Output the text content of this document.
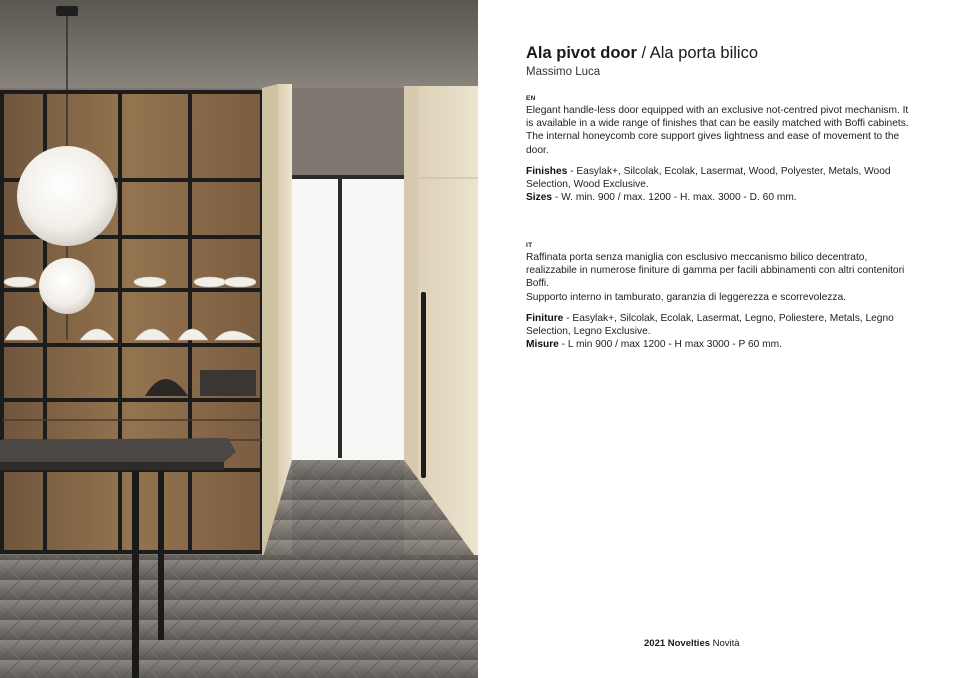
Ala pivot door / Ala porta bilico
Massimo Luca
EN

Elegant handle-less door equipped with an exclusive not-centred pivot mechanism. It is available in a wide range of finishes that can be easily matched with Boffi cabinets.

The internal honeycomb core support gives lightness and ease of movement to the door.

Finishes - Easylak+, Silcolak, Ecolak, Lasermat, Wood, Polyester, Metals, Wood Selection, Wood Exclusive.

Sizes - W. min. 900 / max. 1200 - H. max. 3000 - D. 60 mm.

IT

Raffinata porta senza maniglia con esclusivo meccanismo bilico decentrato, realizzabile in numerose finiture di gamma per facili abbinamenti con altri contenitori Boffi.

Supporto interno in tamburato, garanzia di leggerezza e scorrevolezza.

Finiture - Easylak+, Silcolak, Ecolak, Lasermat, Legno, Poliestere, Metals, Legno Selection, Legno Exclusive.

Misure - L min 900 / max 1200 - H max 3000 - P 60 mm.

2021 Novelties Novità
